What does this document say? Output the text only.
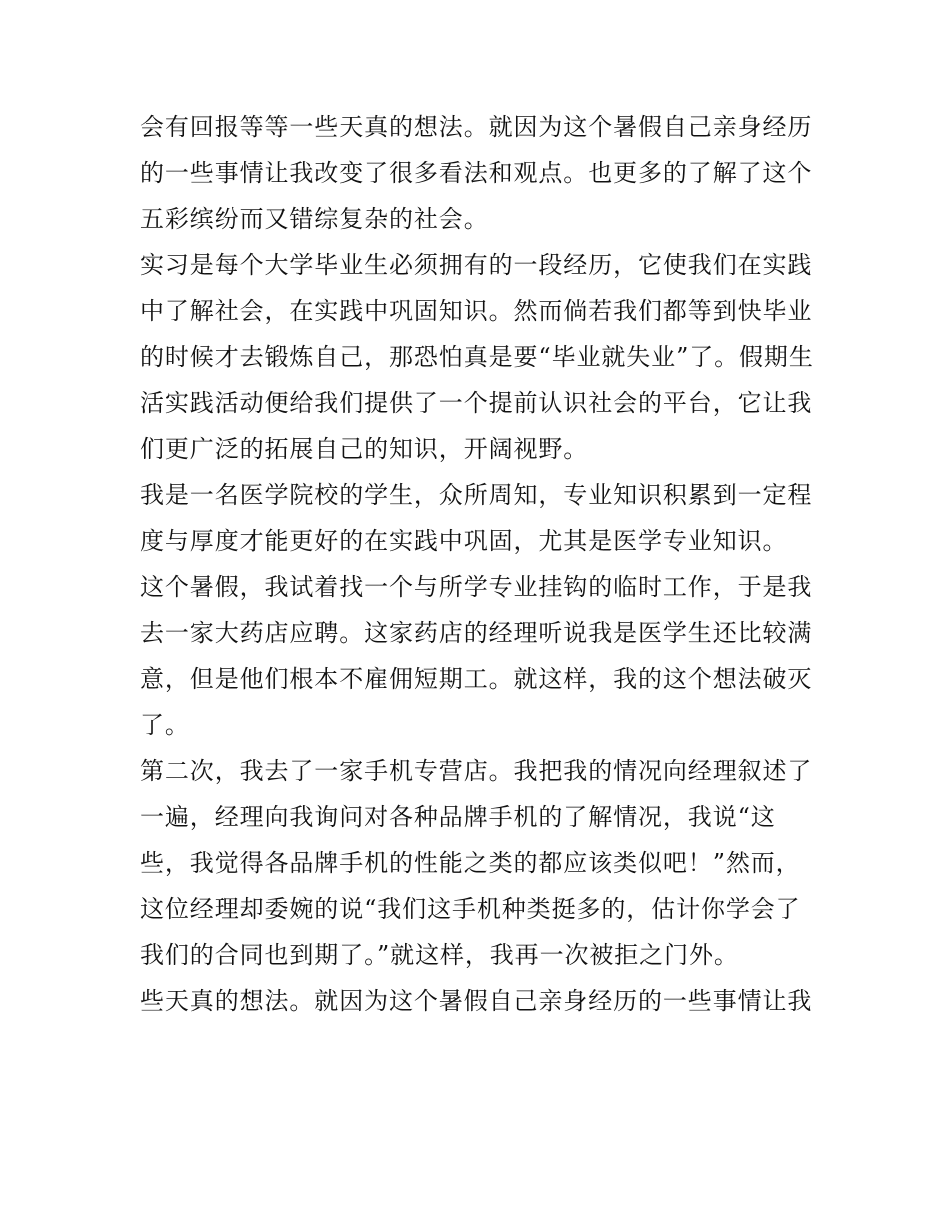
会有回报等等一些天真的想法。就因为这个暑假自己亲身经历
的一些事情让我改变了很多看法和观点。也更多的了解了这个
五彩缤纷而又错综复杂的社会。
实习是每个大学毕业生必须拥有的一段经历，它使我们在实践
中了解社会，在实践中巩固知识。然而倘若我们都等到快毕业
的时候才去锻炼自己，那恐怕真是要“毕业就失业”了。假期生
活实践活动便给我们提供了一个提前认识社会的平台，它让我
们更广泛的拓展自己的知识，开阔视野。
我是一名医学院校的学生，众所周知，专业知识积累到一定程
度与厚度才能更好的在实践中巩固，尤其是医学专业知识。
这个暑假，我试着找一个与所学专业挂钩的临时工作，于是我
去一家大药店应聘。这家药店的经理听说我是医学生还比较满
意，但是他们根本不雇佣短期工。就这样，我的这个想法破灭
了。
第二次，我去了一家手机专营店。我把我的情况向经理叙述了
一遍，经理向我询问对各种品牌手机的了解情况，我说“这
些，我觉得各品牌手机的性能之类的都应该类似吧！”然而，
这位经理却委婉的说“我们这手机种类挺多的，估计你学会了
我们的合同也到期了。”就这样，我再一次被拒之门外。
些天真的想法。就因为这个暑假自己亲身经历的一些事情让我
